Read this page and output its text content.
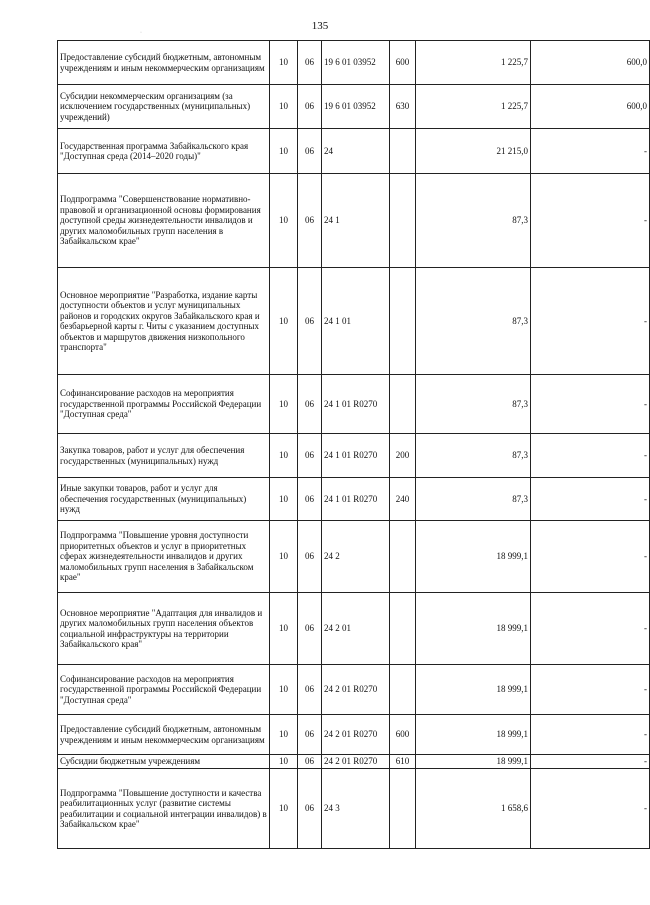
135
·
Предоставление субсидий бюджетным, автономным учреждениям и иным некоммерческим организациям	10	06	19 6 01 03952	600	1 225,7	600,0
Субсидии некоммерческим организациям (за исключением государственных (муниципальных) учреждений)	10	06	19 6 01 03952	630	1 225,7	600,0
Государственная программа Забайкальского края "Доступная среда (2014–2020 годы)"	10	06	24		21 215,0	-
Подпрограмма "Совершенствование нормативно-правовой и организационной основы формирования доступной среды жизнедеятельности инвалидов и других маломобильных групп населения в Забайкальском крае"	10	06	24 1		87,3	-
Основное мероприятие "Разработка, издание карты доступности объектов и услуг муниципальных районов и городских округов Забайкальского края и безбарьерной карты г. Читы с указанием доступных объектов и маршрутов движения низкопольного транспорта"	10	06	24 1 01		87,3	-
Софинансирование расходов на мероприятия государственной программы Российской Федерации "Доступная среда"	10	06	24 1 01 R0270		87,3	-
Закупка товаров, работ и услуг для обеспечения государственных (муниципальных) нужд	10	06	24 1 01 R0270	200	87,3	-
Иные закупки товаров, работ и услуг для обеспечения государственных (муниципальных) нужд	10	06	24 1 01 R0270	240	87,3	-
Подпрограмма "Повышение уровня доступности приоритетных объектов и услуг в приоритетных сферах жизнедеятельности инвалидов и других маломобильных групп населения в Забайкальском крае"	10	06	24 2		18 999,1	-
Основное мероприятие "Адаптация для инвалидов и других маломобильных групп населения объектов социальной инфраструктуры на территории Забайкальского края"	10	06	24 2 01		18 999,1	-
Софинансирование расходов на мероприятия государственной программы Российской Федерации "Доступная среда"	10	06	24 2 01 R0270		18 999,1	-
Предоставление субсидий бюджетным, автономным учреждениям и иным некоммерческим организациям	10	06	24 2 01 R0270	600	18 999,1	-
Субсидии бюджетным учреждениям	10	06	24 2 01 R0270	610	18 999,1	-
Подпрограмма "Повышение доступности и качества реабилитационных услуг (развитие системы реабилитации и социальной интеграции инвалидов) в Забайкальском крае"	10	06	24 3		1 658,6	-
